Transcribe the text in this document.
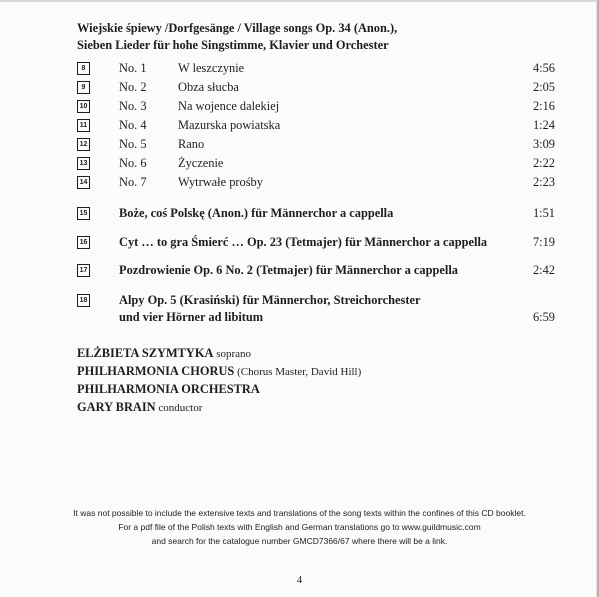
Wiejskie śpiewy /Dorfgesänge / Village songs Op. 34 (Anon.),
Sieben Lieder für hohe Singstimme, Klavier und Orchester
8	No. 1	W leszczynie	4:56
9	No. 2	Obza słucba	2:05
10	No. 3	Na wojence dalekiej	2:16
11	No. 4	Mazurska powiatska	1:24
12	No. 5	Rano	3:09
13	No. 6	Życzenie	2:22
14	No. 7	Wytrwałe prośby	2:23
15	Boże, coś Polskę (Anon.) für Männerchor a cappella	1:51
16	Cyt … to gra Śmierć … Op. 23 (Tetmajer) für Männerchor a cappella	7:19
17	Pozdrowienie Op. 6 No. 2 (Tetmajer) für Männerchor a cappella	2:42
18	Alpy Op. 5 (Krasiński) für Männerchor, Streichorchester
und vier Hörner ad libitum	6:59
ELŻBIETA SZYMTYKA soprano
PHILHARMONIA CHORUS (Chorus Master, David Hill)
PHILHARMONIA ORCHESTRA
GARY BRAIN conductor
It was not possible to include the extensive texts and translations of the song texts within the confines of this CD booklet.
For a pdf file of the Polish texts with English and German translations go to www.guildmusic.com
and search for the catalogue number GMCD7366/67 where there will be a link.
4
